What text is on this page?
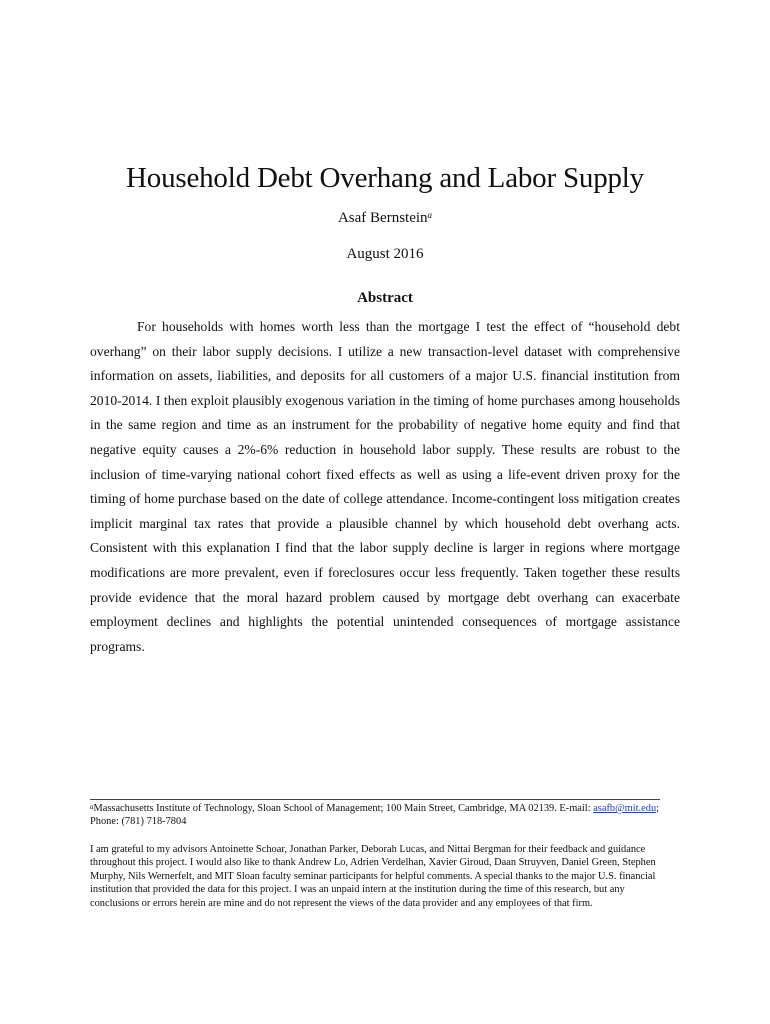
Household Debt Overhang and Labor Supply
Asaf Bernstein$^a$
August 2016
Abstract

For households with homes worth less than the mortgage I test the effect of “household debt overhang” on their labor supply decisions. I utilize a new transaction-level dataset with comprehensive information on assets, liabilities, and deposits for all customers of a major U.S. financial institution from 2010-2014. I then exploit plausibly exogenous variation in the timing of home purchases among households in the same region and time as an instrument for the probability of negative home equity and find that negative equity causes a 2%-6% reduction in household labor supply. These results are robust to the inclusion of time-varying national cohort fixed effects as well as using a life-event driven proxy for the timing of home purchase based on the date of college attendance. Income-contingent loss mitigation creates implicit marginal tax rates that provide a plausible channel by which household debt overhang acts. Consistent with this explanation I find that the labor supply decline is larger in regions where mortgage modifications are more prevalent, even if foreclosures occur less frequently. Taken together these results provide evidence that the moral hazard problem caused by mortgage debt overhang can exacerbate employment declines and highlights the potential unintended consequences of mortgage assistance programs.

$^a$Massachusetts Institute of Technology, Sloan School of Management; 100 Main Street, Cambridge, MA 02139. E-mail: asafb@mit.edu; Phone: (781) 718-7804

I am grateful to my advisors Antoinette Schoar, Jonathan Parker, Deborah Lucas, and Nittai Bergman for their feedback and guidance throughout this project. I would also like to thank Andrew Lo, Adrien Verdelhan, Xavier Giroud, Daan Struyven, Daniel Green, Stephen Murphy, Nils Wernerfelt, and MIT Sloan faculty seminar participants for helpful comments. A special thanks to the major U.S. financial institution that provided the data for this project. I was an unpaid intern at the institution during the time of this research, but any conclusions or errors herein are mine and do not represent the views of the data provider and any employees of that firm.
